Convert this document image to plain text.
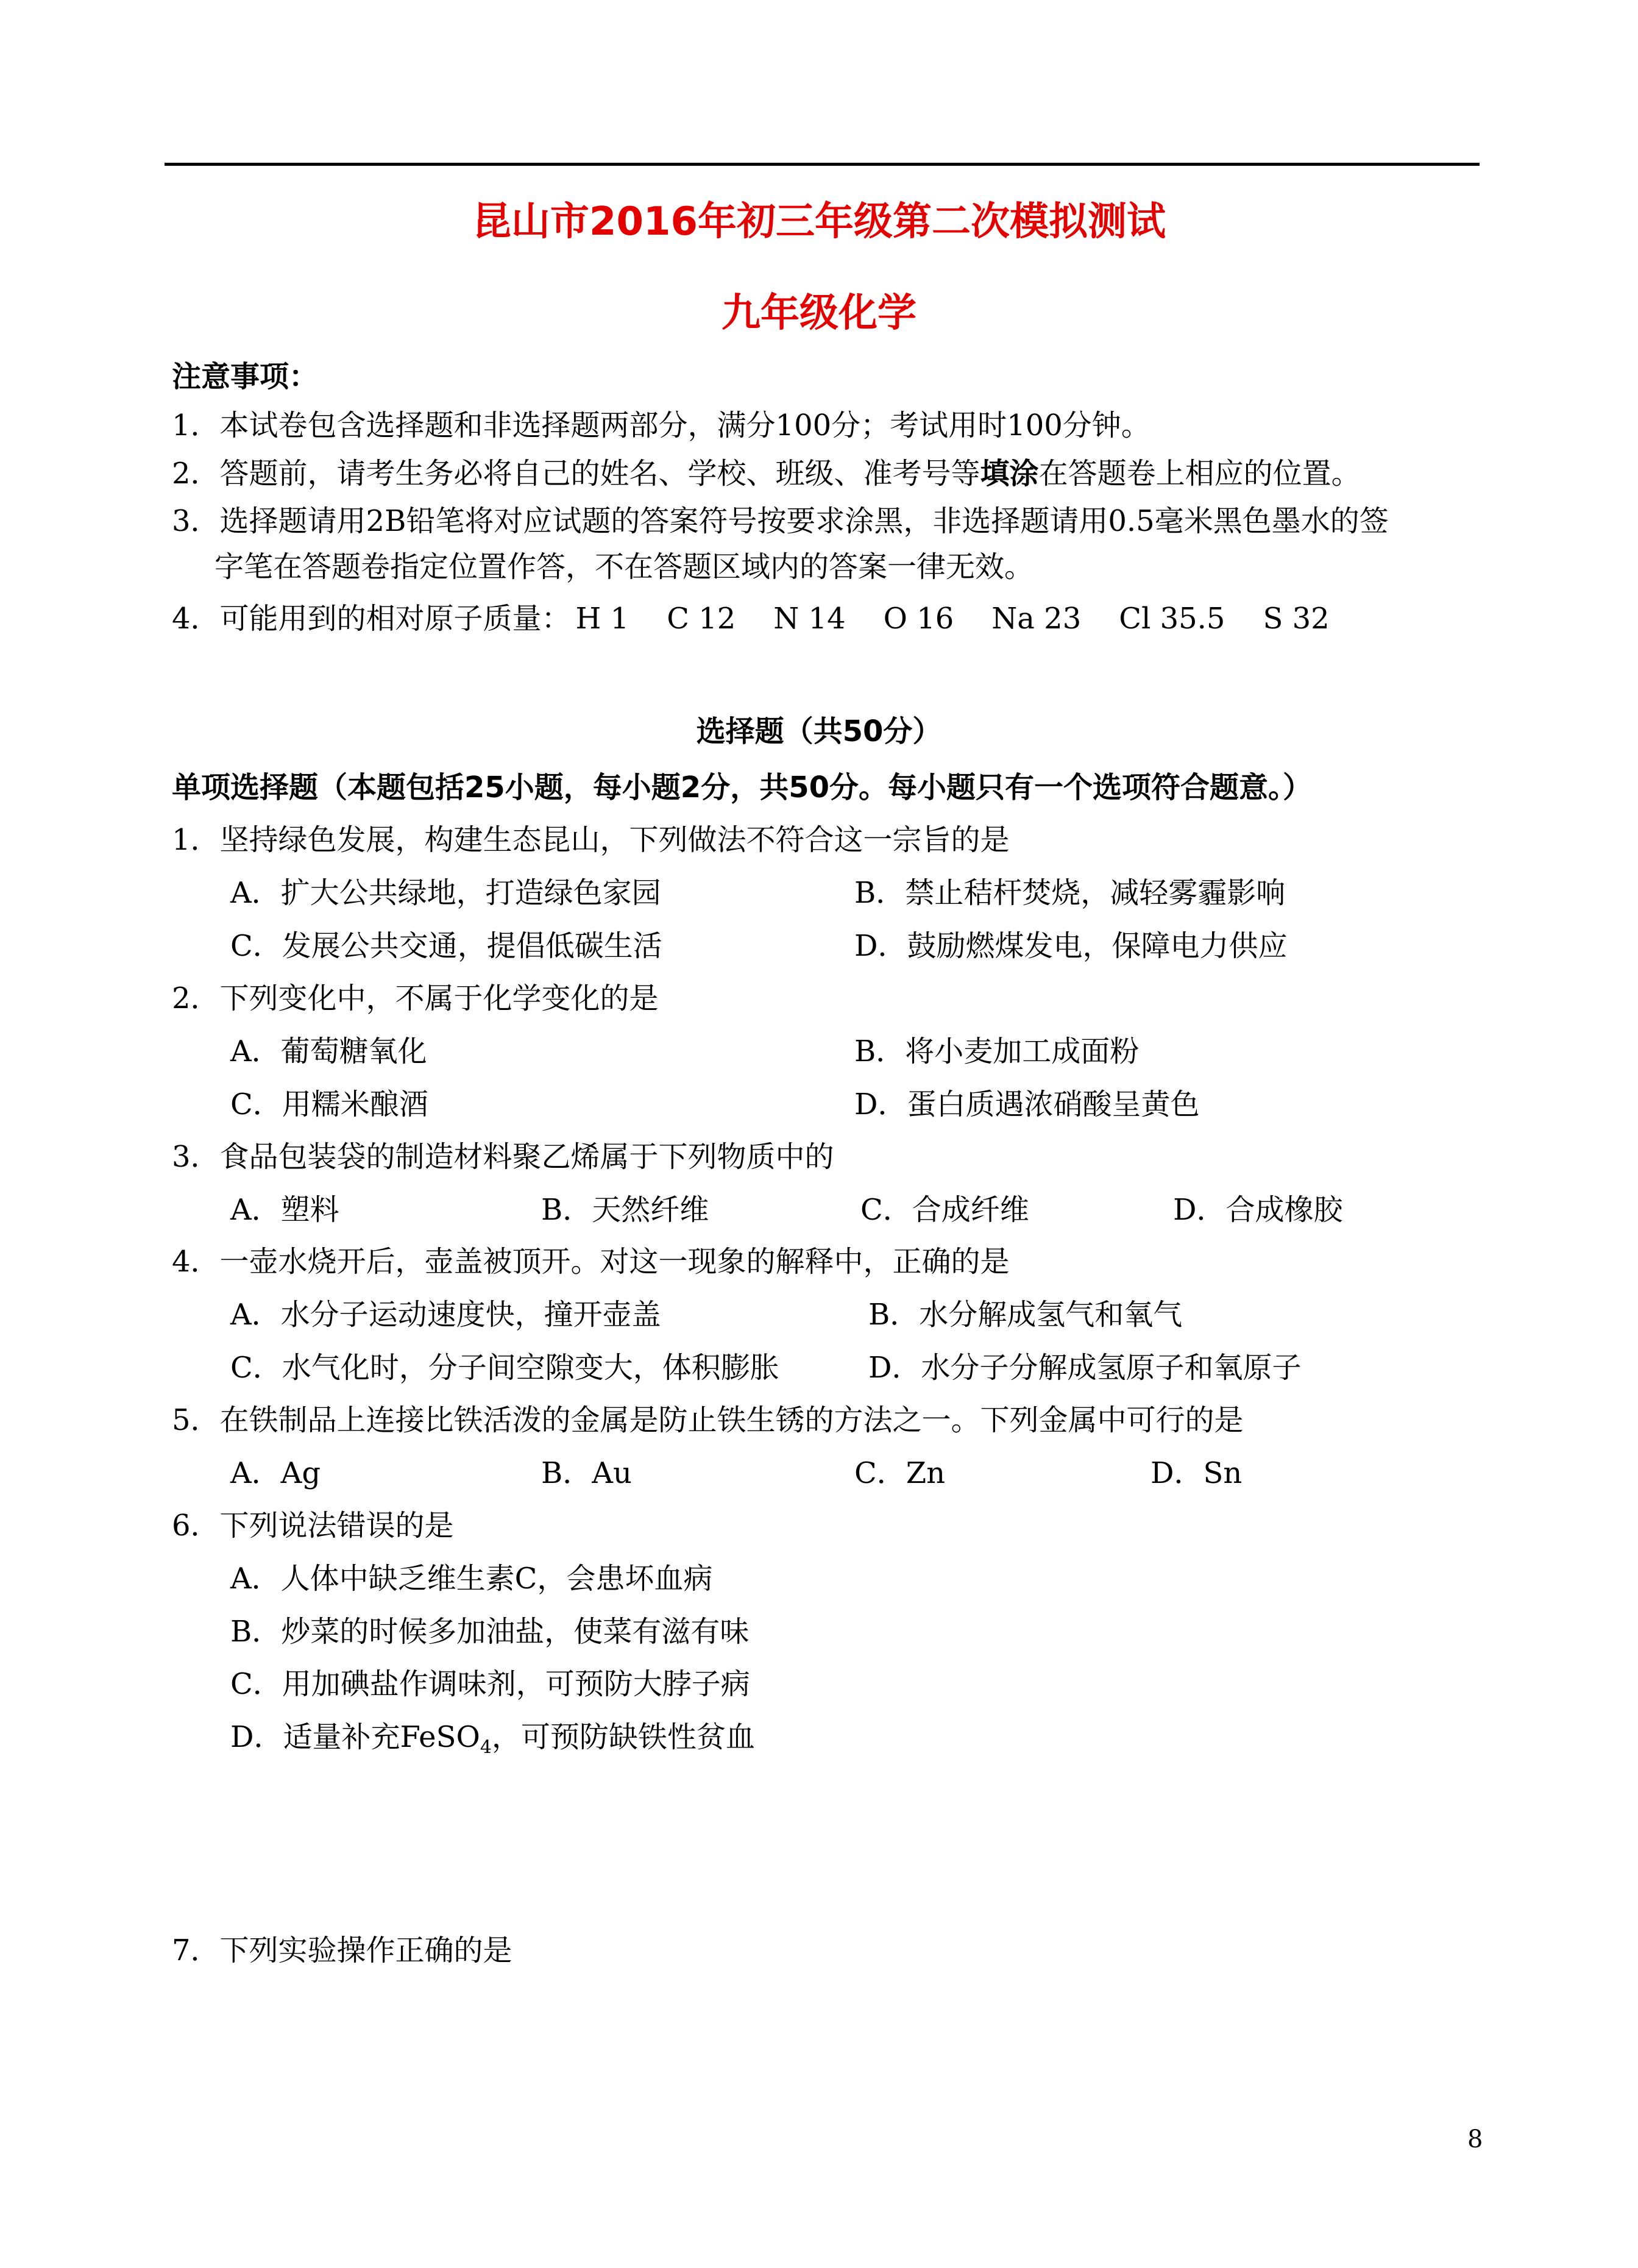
昆山市2016年初三年级第二次模拟测试
九年级化学
注意事项：
1．本试卷包含选择题和非选择题两部分，满分100分；考试用时100分钟。
2．答题前，请考生务必将自己的姓名、学校、班级、准考号等填涂在答题卷上相应的位置。
3．选择题请用2B铅笔将对应试题的答案符号按要求涂黑，非选择题请用0.5毫米黑色墨水的签
字笔在答题卷指定位置作答，不在答题区域内的答案一律无效。
4．可能用到的相对原子质量： H 1 C 12 N 14 O 16 Na 23 Cl 35.5 S 32
选择题（共50分）
单项选择题（本题包括25小题，每小题2分，共50分。每小题只有一个选项符合题意。）
1．坚持绿色发展，构建生态昆山，下列做法不符合这一宗旨的是
A．扩大公共绿地，打造绿色家园	B．禁止秸杆焚烧，减轻雾霾影响
C．发展公共交通，提倡低碳生活	D．鼓励燃煤发电，保障电力供应
2．下列变化中，不属于化学变化的是
A．葡萄糖氧化	B．将小麦加工成面粉
C．用糯米酿酒	D．蛋白质遇浓硝酸呈黄色
3．食品包装袋的制造材料聚乙烯属于下列物质中的
A．塑料	B．天然纤维	C．合成纤维	D．合成橡胶
4．一壶水烧开后，壶盖被顶开。对这一现象的解释中，正确的是
A．水分子运动速度快，撞开壶盖	B．水分解成氢气和氧气
C．水气化时，分子间空隙变大，体积膨胀	D．水分子分解成氢原子和氧原子
5．在铁制品上连接比铁活泼的金属是防止铁生锈的方法之一。下列金属中可行的是
A．Ag	B．Au	C．Zn	D．Sn
6．下列说法错误的是
A．人体中缺乏维生素C，会患坏血病
B．炒菜的时候多加油盐，使菜有滋有味
C．用加碘盐作调味剂，可预防大脖子病
D．适量补充FeSO$_4$，可预防缺铁性贫血
7．下列实验操作正确的是
8
